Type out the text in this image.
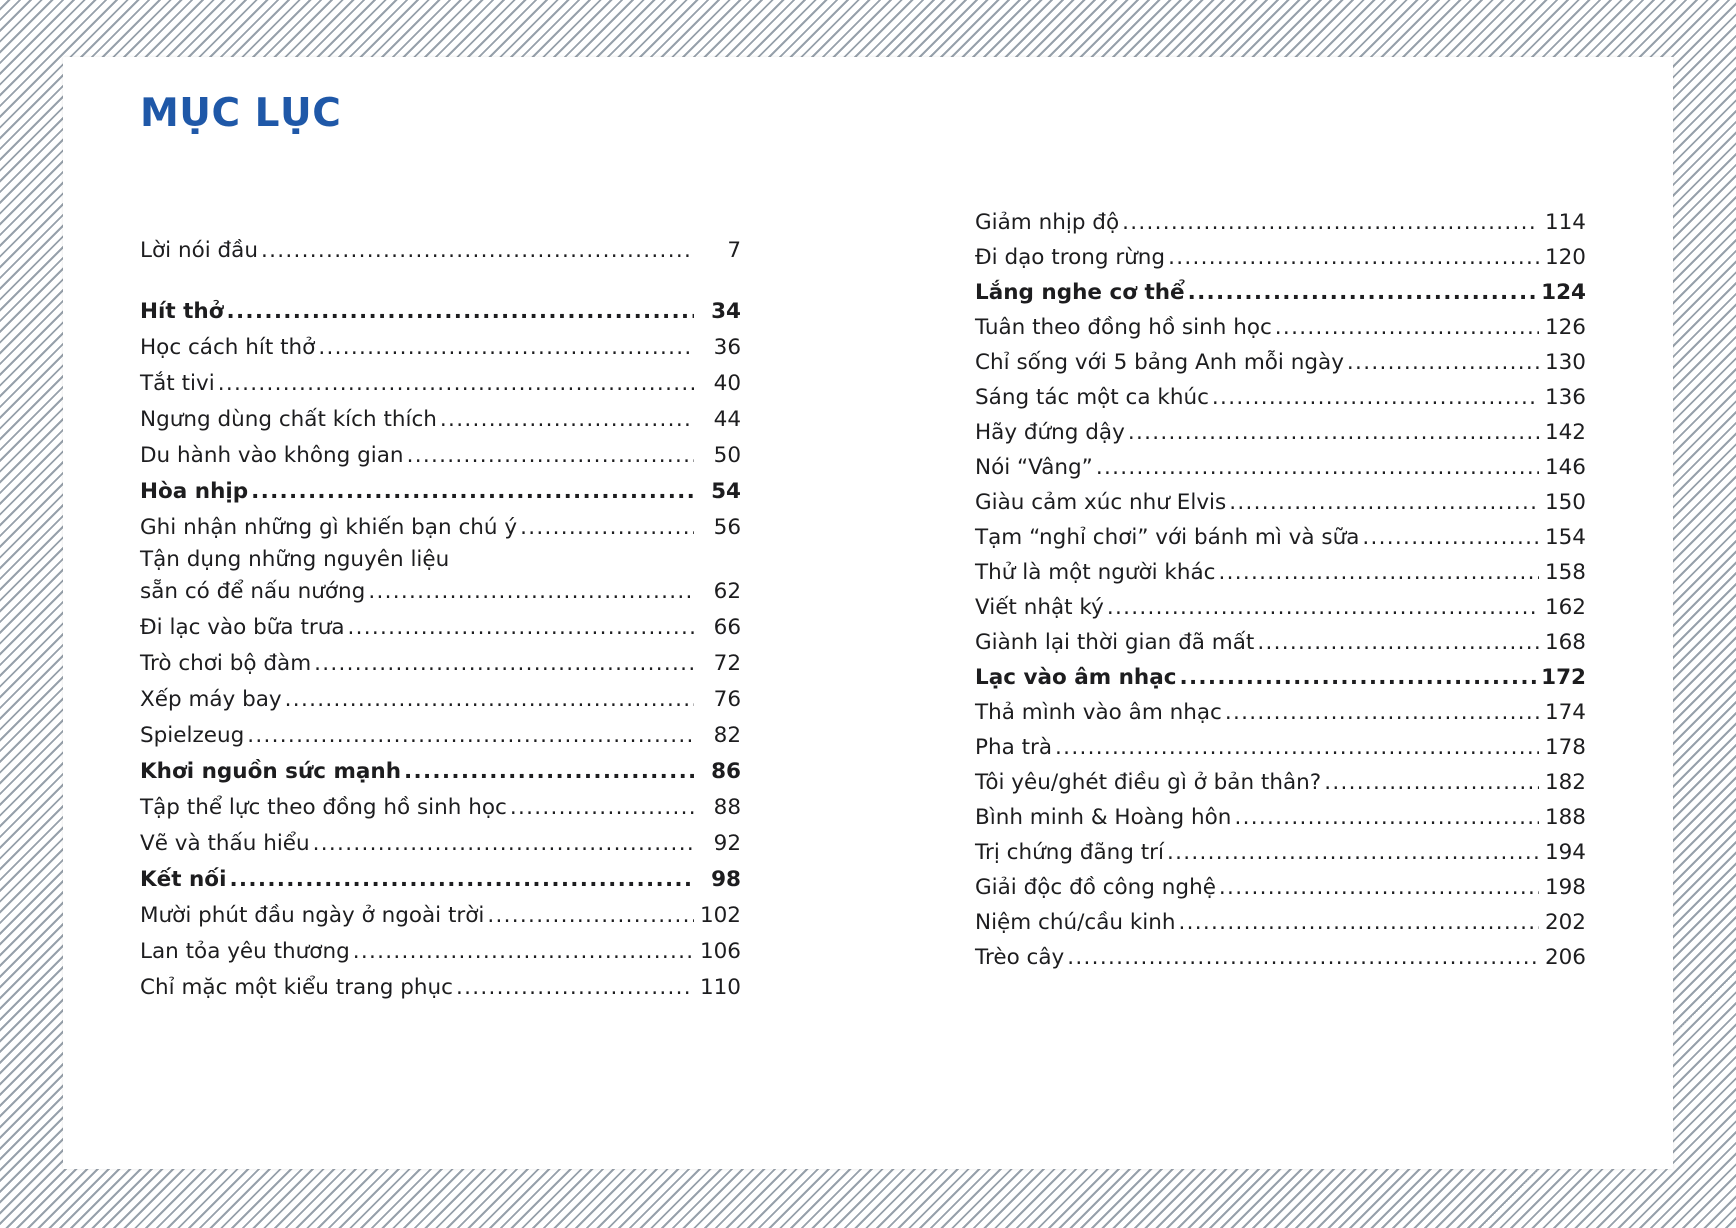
MỤC LỤC
Lời nói đầu .....	7
Hít thở .....	34
Học cách hít thở .....	36
Tắt tivi .....	40
Ngưng dùng chất kích thích .....	44
Du hành vào không gian .....	50
Hòa nhịp .....	54
Ghi nhận những gì khiến bạn chú ý .....	56
Tận dụng những nguyên liệu
sẵn có để nấu nướng .....	62
Đi lạc vào bữa trưa .....	66
Trò chơi bộ đàm .....	72
Xếp máy bay .....	76
Spielzeug .....	82
Khơi nguồn sức mạnh .....	86
Tập thể lực theo đồng hồ sinh học .....	88
Vẽ và thấu hiểu .....	92
Kết nối .....	98
Mười phút đầu ngày ở ngoài trời .....	102
Lan tỏa yêu thương .....	106
Chỉ mặc một kiểu trang phục .....	110
Giảm nhịp độ .....	114
Đi dạo trong rừng .....	120
Lắng nghe cơ thể .....	124
Tuân theo đồng hồ sinh học .....	126
Chỉ sống với 5 bảng Anh mỗi ngày .....	130
Sáng tác một ca khúc .....	136
Hãy đứng dậy .....	142
Nói “Vâng” .....	146
Giàu cảm xúc như Elvis .....	150
Tạm “nghỉ chơi” với bánh mì và sữa .....	154
Thử là một người khác .....	158
Viết nhật ký .....	162
Giành lại thời gian đã mất .....	168
Lạc vào âm nhạc .....	172
Thả mình vào âm nhạc .....	174
Pha trà .....	178
Tôi yêu/ghét điều gì ở bản thân? .....	182
Bình minh & Hoàng hôn .....	188
Trị chứng đãng trí .....	194
Giải độc đồ công nghệ .....	198
Niệm chú/cầu kinh .....	202
Trèo cây .....	206
